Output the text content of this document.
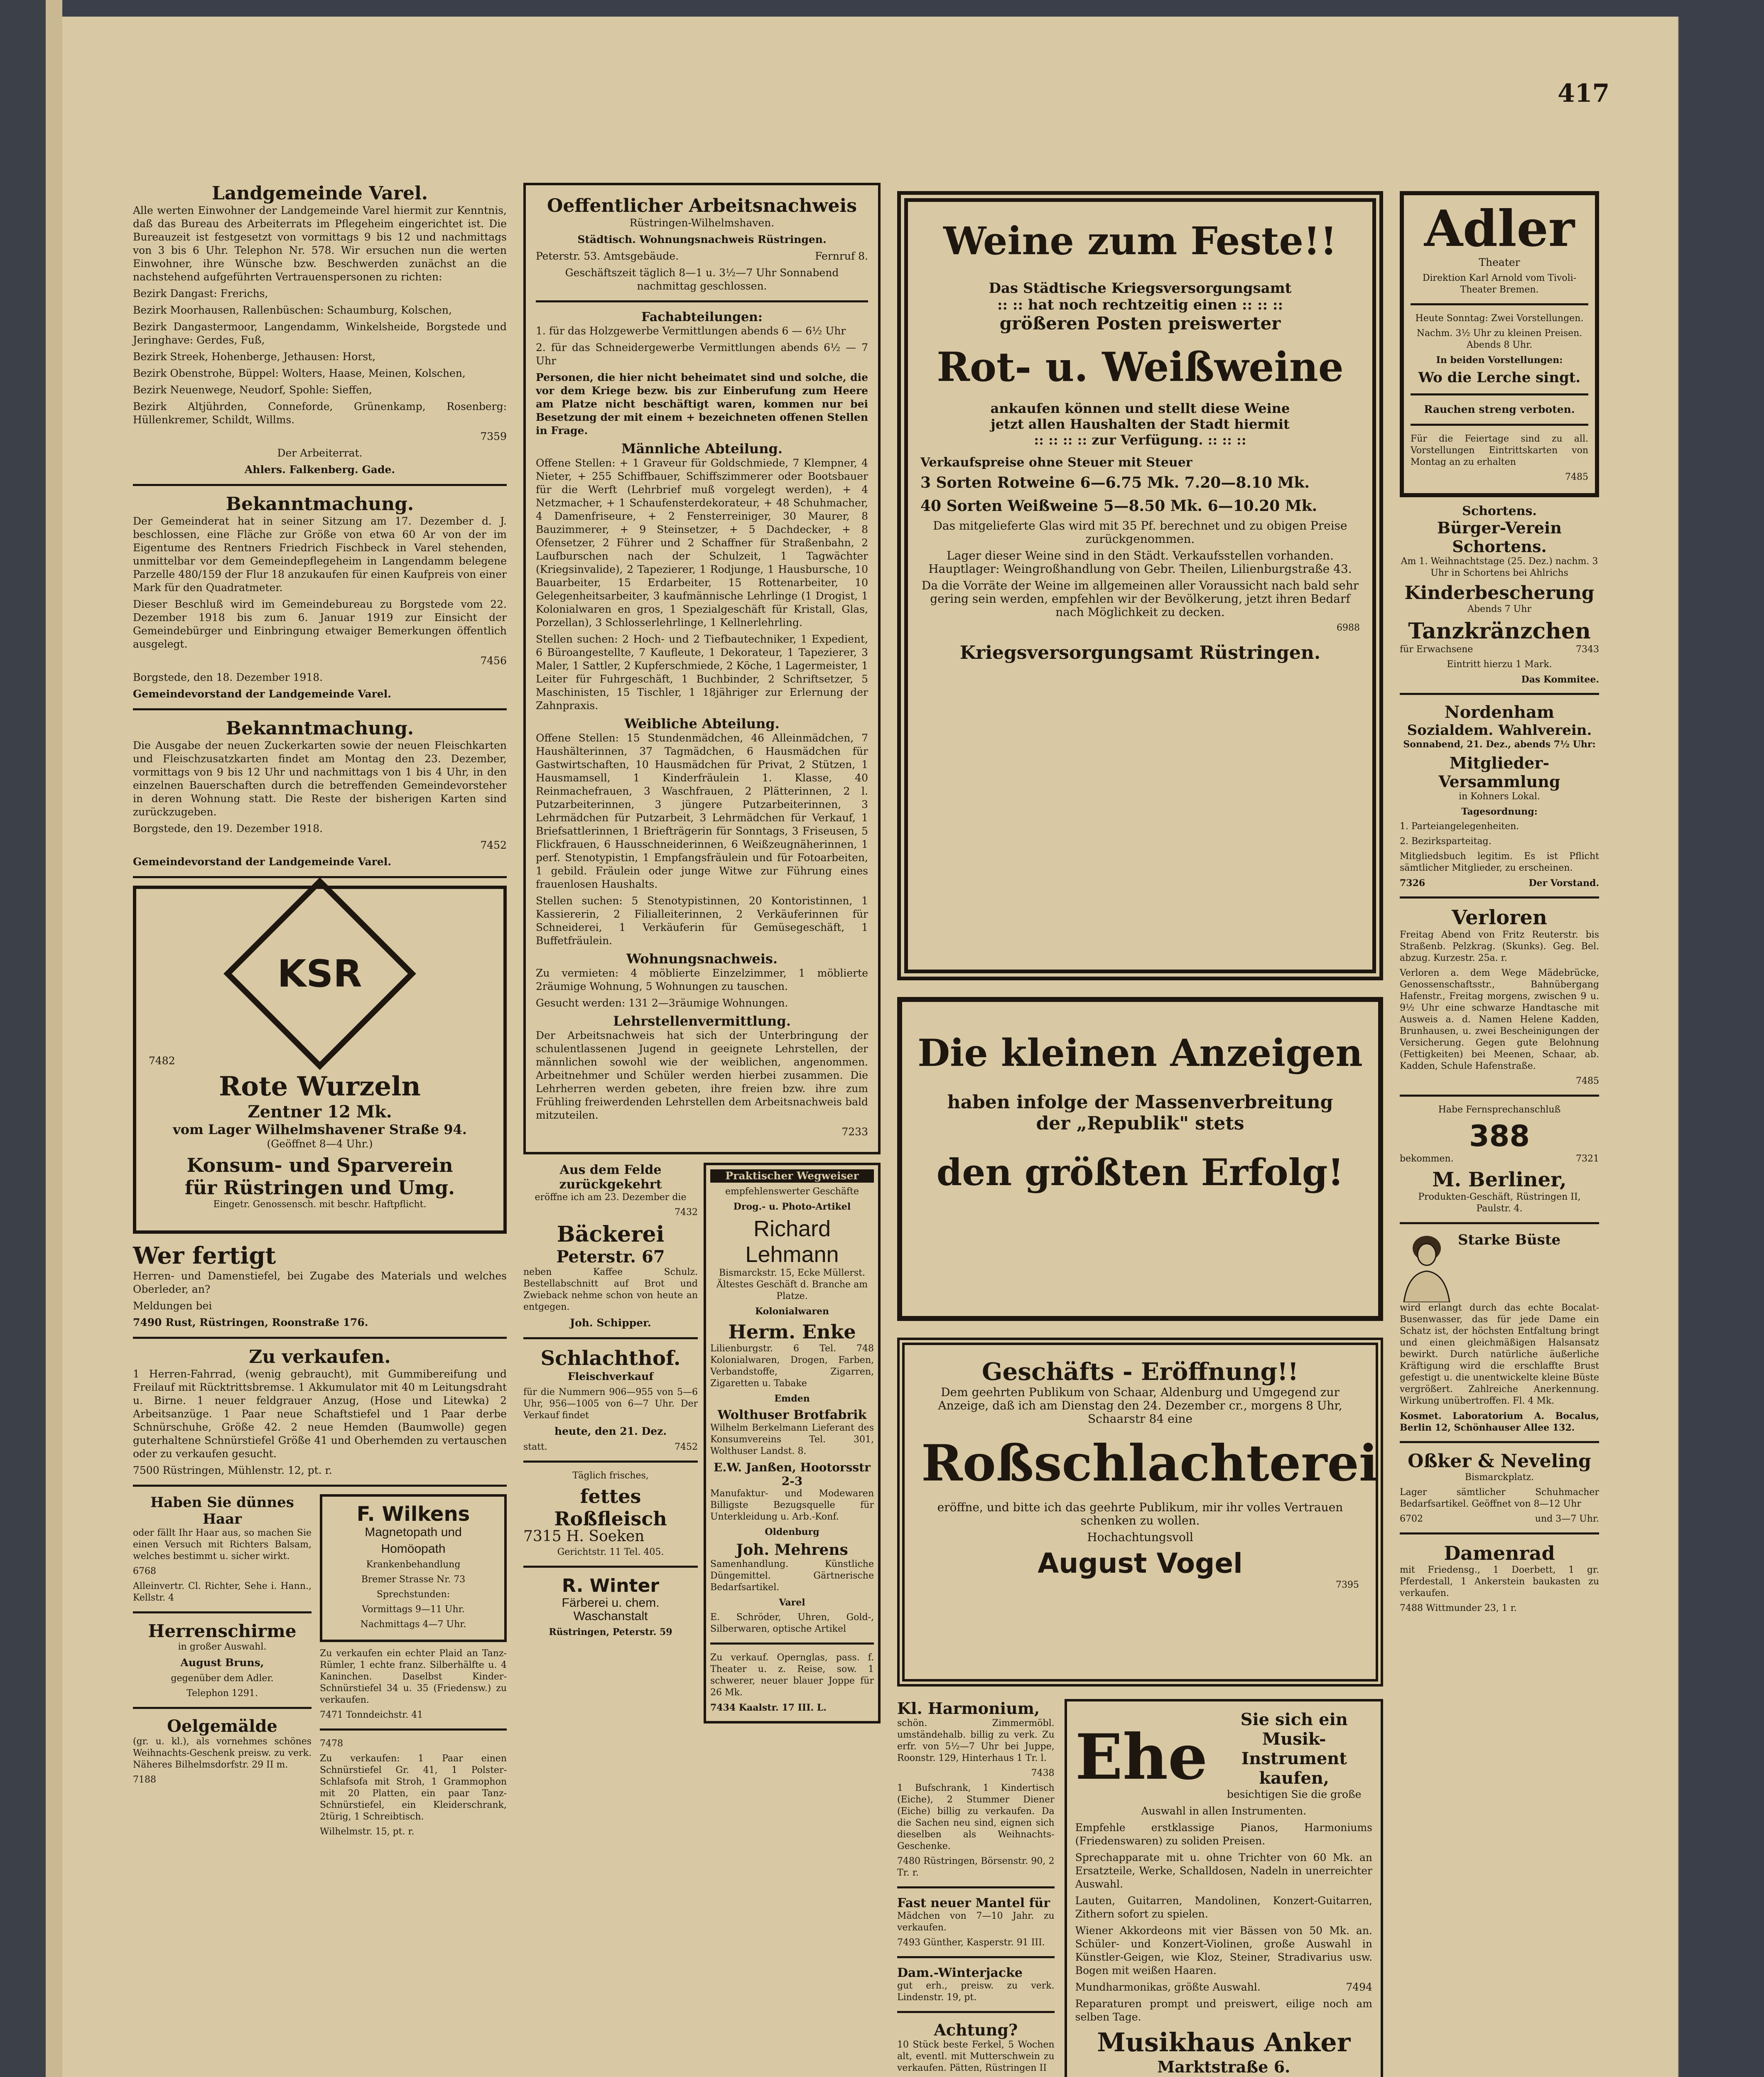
417
Landgemeinde Varel.

Alle werten Einwohner der Landgemeinde Varel hiermit zur Kenntnis, daß das Bureau des Arbeiterrats im Pflegeheim eingerichtet ist. Die Bureauzeit ist festgesetzt von vormittags 9 bis 12 und nachmittags von 3 bis 6 Uhr. Telephon Nr. 578. Wir ersuchen nun die werten Einwohner, ihre Wünsche bzw. Beschwerden zunächst an die nachstehend aufgeführten Vertrauenspersonen zu richten:

Bezirk Dangast: Frerichs,

Bezirk Moorhausen, Rallenbüschen: Schaumburg, Kolschen,

Bezirk Dangastermoor, Langendamm, Winkelsheide, Borgstede und Jeringhave: Gerdes, Fuß,

Bezirk Streek, Hohenberge, Jethausen: Horst,

Bezirk Obenstrohe, Büppel: Wolters, Haase, Meinen, Kolschen,

Bezirk Neuenwege, Neudorf, Spohle: Sieffen,

Bezirk Altjührden, Conneforde, Grünenkamp, Rosenberg: Hüllenkremer, Schildt, Willms.

7359
Der Arbeiterrat.
Ahlers. Falkenberg. Gade.
Bekanntmachung.

Der Gemeinderat hat in seiner Sitzung am 17. Dezember d. J. beschlossen, eine Fläche zur Größe von etwa 60 Ar von der im Eigentume des Rentners Friedrich Fischbeck in Varel stehenden, unmittelbar vor dem Gemeindepflegeheim in Langendamm belegene Parzelle 480/159 der Flur 18 anzukaufen für einen Kaufpreis von einer Mark für den Quadratmeter.

Dieser Beschluß wird im Gemeindebureau zu Borgstede vom 22. Dezember 1918 bis zum 6. Januar 1919 zur Einsicht der Gemeindebürger und Einbringung etwaiger Bemerkungen öffentlich ausgelegt.

7456
Borgstede, den 18. Dezember 1918.
Gemeindevorstand der Landgemeinde Varel.
Bekanntmachung.

Die Ausgabe der neuen Zuckerkarten sowie der neuen Fleischkarten und Fleischzusatzkarten findet am Montag den 23. Dezember, vormittags von 9 bis 12 Uhr und nachmittags von 1 bis 4 Uhr, in den einzelnen Bauerschaften durch die betreffenden Gemeindevorsteher in deren Wohnung statt. Die Reste der bisherigen Karten sind zurückzugeben.

Borgstede, den 19. Dezember 1918.
7452
Gemeindevorstand der Landgemeinde Varel.
KSR
7482
Rote Wurzeln
Zentner 12 Mk.
vom Lager Wilhelmshavener Straße 94.
(Geöffnet 8—4 Uhr.)
Konsum- und Sparverein
für Rüstringen und Umg.
Eingetr. Genossensch. mit beschr. Haftpflicht.
Wer fertigt

Herren- und Damenstiefel, bei Zugabe des Materials und welches Oberleder, an?

Meldungen bei
7490 Rust, Rüstringen, Roonstraße 176.
Zu verkaufen.

1 Herren-Fahrrad, (wenig gebraucht), mit Gummibereifung und Freilauf mit Rücktrittsbremse. 1 Akkumulator mit 40 m Leitungsdraht u. Birne. 1 neuer feldgrauer Anzug, (Hose und Litewka) 2 Arbeitsanzüge. 1 Paar neue Schaftstiefel und 1 Paar derbe Schnürschuhe, Größe 42. 2 neue Hemden (Baumwolle) gegen guterhaltene Schnürstiefel Größe 41 und Oberhemden zu vertauschen oder zu verkaufen gesucht.

7500 Rüstringen, Mühlenstr. 12, pt. r.
Haben Sie dünnes Haar

oder fällt Ihr Haar aus, so machen Sie einen Versuch mit Richters Balsam, welches bestimmt u. sicher wirkt.

6768
Alleinvertr. Cl. Richter, Sehe i. Hann., Kellstr. 4
Herrenschirme
in großer Auswahl.
August Bruns,
gegenüber dem Adler.
Telephon 1291.
Oelgemälde

(gr. u. kl.), als vornehmes schönes Weihnachts-Geschenk preisw. zu verk. Näheres Bilhelmsdorfstr. 29 II m.

7188
F. Wilkens
Magnetopath und
Homöopath
Krankenbehandlung
Bremer Strasse Nr. 73
Sprechstunden:
Vormittags 9—11 Uhr.
Nachmittags 4—7 Uhr.

Zu verkaufen ein echter Plaid an Tanz-Rümler, 1 echte franz. Silberhälfte u. 4 Kaninchen. Daselbst Kinder-Schnürstiefel 34 u. 35 (Friedensw.) zu verkaufen.

7471 Tonndeichstr. 41
7478

Zu verkaufen: 1 Paar einen Schnürstiefel Gr. 41, 1 Polster-Schlafsofa mit Stroh, 1 Grammophon mit 20 Platten, ein paar Tanz-Schnürstiefel, ein Kleiderschrank, 2türig, 1 Schreibtisch.

Wilhelmstr. 15, pt. r.
Oeffentlicher Arbeitsnachweis
Rüstringen-Wilhelmshaven.
Städtisch. Wohnungsnachweis Rüstringen.
Peterstr. 53. Amtsgebäude.	Fernruf 8.
Geschäftszeit täglich 8—1 u. 3½—7 Uhr Sonnabend nachmittag geschlossen.
Fachabteilungen:
1. für das Holzgewerbe Vermittlungen abends 6 — 6½ Uhr
2. für das Schneidergewerbe Vermittlungen abends 6½ — 7 Uhr

Personen, die hier nicht beheimatet sind und solche, die vor dem Kriege bezw. bis zur Einberufung zum Heere am Platze nicht beschäftigt waren, kommen nur bei Besetzung der mit einem + bezeichneten offenen Stellen in Frage.

Männliche Abteilung.

Offene Stellen: + 1 Graveur für Goldschmiede, 7 Klempner, 4 Nieter, + 255 Schiffbauer, Schiffszimmerer oder Bootsbauer für die Werft (Lehrbrief muß vorgelegt werden), + 4 Netzmacher, + 1 Schaufensterdekorateur, + 48 Schuhmacher, 4 Damenfriseure, + 2 Fensterreiniger, 30 Maurer, 8 Bauzimmerer, + 9 Steinsetzer, + 5 Dachdecker, + 8 Ofensetzer, 2 Führer und 2 Schaffner für Straßenbahn, 2 Laufburschen nach der Schulzeit, 1 Tagwächter (Kriegsinvalide), 2 Tapezierer, 1 Rodjunge, 1 Hausbursche, 10 Bauarbeiter, 15 Erdarbeiter, 15 Rottenarbeiter, 10 Gelegenheitsarbeiter, 3 kaufmännische Lehrlinge (1 Drogist, 1 Kolonialwaren en gros, 1 Spezialgeschäft für Kristall, Glas, Porzellan), 3 Schlosserlehrlinge, 1 Kellnerlehrling.

Stellen suchen: 2 Hoch- und 2 Tiefbautechniker, 1 Expedient, 6 Büroangestellte, 7 Kaufleute, 1 Dekorateur, 1 Tapezierer, 3 Maler, 1 Sattler, 2 Kupferschmiede, 2 Köche, 1 Lagermeister, 1 Leiter für Fuhrgeschäft, 1 Buchbinder, 2 Schriftsetzer, 5 Maschinisten, 15 Tischler, 1 18jähriger zur Erlernung der Zahnpraxis.

Weibliche Abteilung.

Offene Stellen: 15 Stundenmädchen, 46 Alleinmädchen, 7 Haushälterinnen, 37 Tagmädchen, 6 Hausmädchen für Gastwirtschaften, 10 Hausmädchen für Privat, 2 Stützen, 1 Hausmamsell, 1 Kinderfräulein 1. Klasse, 40 Reinmachefrauen, 3 Waschfrauen, 2 Plätterinnen, 2 l. Putzarbeiterinnen, 3 jüngere Putzarbeiterinnen, 3 Lehrmädchen für Putzarbeit, 3 Lehrmädchen für Verkauf, 1 Briefsattlerinnen, 1 Briefträgerin für Sonntags, 3 Friseusen, 5 Flickfrauen, 6 Hausschneiderinnen, 6 Weißzeugnäherinnen, 1 perf. Stenotypistin, 1 Empfangsfräulein und für Fotoarbeiten, 1 gebild. Fräulein oder junge Witwe zur Führung eines frauenlosen Haushalts.

Stellen suchen: 5 Stenotypistinnen, 20 Kontoristinnen, 1 Kassiererin, 2 Filialleiterinnen, 2 Verkäuferinnen für Schneiderei, 1 Verkäuferin für Gemüsegeschäft, 1 Buffetfräulein.

Wohnungsnachweis.

Zu vermieten: 4 möblierte Einzelzimmer, 1 möblierte 2räumige Wohnung, 5 Wohnungen zu tauschen.

Gesucht werden: 131 2—3räumige Wohnungen.

Lehrstellenvermittlung.

Der Arbeitsnachweis hat sich der Unterbringung der schulentlassenen Jugend in geeignete Lehrstellen, der männlichen sowohl wie der weiblichen, angenommen. Arbeitnehmer und Schüler werden hierbei zusammen. Die Lehrherren werden gebeten, ihre freien bzw. ihre zum Frühling freiwerdenden Lehrstellen dem Arbeitsnachweis bald mitzuteilen.

7233
Aus dem Felde zurückgekehrt
eröffne ich am 23. Dezember die
7432
Bäckerei
Peterstr. 67

neben Kaffee Schulz. Bestellabschnitt auf Brot und Zwieback nehme schon von heute an entgegen.

Joh. Schipper.
Schlachthof.
Fleischverkauf

für die Nummern 906—955 von 5—6 Uhr, 956—1005 von 6—7 Uhr. Der Verkauf findet

heute, den 21. Dez.
statt.	7452
Täglich frisches,
fettes Roßfleisch
7315 H. Soeken
Gerichtstr. 11 Tel. 405.
R. Winter
Färberei u. chem. Waschanstalt
Rüstringen, Peterstr. 59
Praktischer Wegweiser
empfehlenswerter Geschäfte
Drog.- u. Photo-Artikel
Richard Lehmann
Bismarckstr. 15, Ecke Müllerst. Ältestes Geschäft d. Branche am Platze.
Kolonialwaren
Herm. Enke
Lilienburgstr. 6 Tel. 748 Kolonialwaren, Drogen, Farben, Verbandstoffe, Zigarren, Zigaretten u. Tabake
Emden
Wolthuser Brotfabrik
Wilhelm Berkelmann Lieferant des Konsumvereins Tel. 301, Wolthuser Landst. 8.
E.W. Janßen, Hootorsstr 2-3
Manufaktur- und Modewaren Billigste Bezugsquelle für Unterkleidung u. Arb.-Konf.
Oldenburg
Joh. Mehrens
Samenhandlung. Künstliche Düngemittel. Gärtnerische Bedarfsartikel.
Varel
E. Schröder, Uhren, Gold-, Silberwaren, optische Artikel

Zu verkauf. Opernglas, pass. f. Theater u. z. Reise, sow. 1 schwerer, neuer blauer Joppe für 26 Mk.

7434 Kaalstr. 17 III. L.
Weine zum Feste!!
Das Städtische Kriegsversorgungsamt
:: :: hat noch rechtzeitig einen :: :: ::
größeren Posten preiswerter
Rot- u. Weißweine
ankaufen können und stellt diese Weine
jetzt allen Haushalten der Stadt hiermit
:: :: :: :: zur Verfügung. :: :: ::
Verkaufspreise ohne Steuer mit Steuer
3 Sorten Rotweine 6—6.75 Mk. 7.20—8.10 Mk.
40 Sorten Weißweine 5—8.50 Mk. 6—10.20 Mk.

Das mitgelieferte Glas wird mit 35 Pf. berechnet und zu obigen Preise zurückgenommen.

Lager dieser Weine sind in den Städt. Verkaufsstellen vorhanden. Hauptlager: Weingroßhandlung von Gebr. Theilen, Lilienburgstraße 43.

Da die Vorräte der Weine im allgemeinen aller Voraussicht nach bald sehr gering sein werden, empfehlen wir der Bevölkerung, jetzt ihren Bedarf nach Möglichkeit zu decken.

6988
Kriegsversorgungsamt Rüstringen.
Die kleinen Anzeigen
haben infolge der Massenverbreitung
der „Republik" stets
den größten Erfolg!
Geschäfts - Eröffnung!!

Dem geehrten Publikum von Schaar, Aldenburg und Umgegend zur Anzeige, daß ich am Dienstag den 24. Dezember cr., morgens 8 Uhr, Schaarstr 84 eine

Roßschlachterei

eröffne, und bitte ich das geehrte Publikum, mir ihr volles Vertrauen schenken zu wollen.

Hochachtungsvoll
August Vogel
7395
Kl. Harmonium,

schön. Zimmermöbl. umständehalb. billig zu verk. Zu erfr. von 5½—7 Uhr bei Juppe, Roonstr. 129, Hinterhaus 1 Tr. l.

7438

1 Bufschrank, 1 Kindertisch (Eiche), 2 Stummer Diener (Eiche) billig zu verkaufen. Da die Sachen neu sind, eignen sich dieselben als Weihnachts-Geschenke.

7480 Rüstringen, Börsenstr. 90, 2 Tr. r.
Fast neuer Mantel für

Mädchen von 7—10 Jahr. zu verkaufen.

7493 Günther, Kasperstr. 91 III.
Dam.-Winterjacke

gut erh., preisw. zu verk. Lindenstr. 19, pt.

Achtung?

10 Stück beste Ferkel, 5 Wochen alt, eventl. mit Mutterschwein zu verkaufen. Pätten, Rüstringen II

Ehe
Sie sich ein Musik-Instrument kaufen,
besichtigen Sie die große
Auswahl in allen Instrumenten.

Empfehle erstklassige Pianos, Harmoniums (Friedenswaren) zu soliden Preisen.

Sprechapparate mit u. ohne Trichter von 60 Mk. an Ersatzteile, Werke, Schalldosen, Nadeln in unerreichter Auswahl.

Lauten, Guitarren, Mandolinen, Konzert-Guitarren, Zithern sofort zu spielen.

Wiener Akkordeons mit vier Bässen von 50 Mk. an. Schüler- und Konzert-Violinen, große Auswahl in Künstler-Geigen, wie Kloz, Steiner, Stradivarius usw. Bogen mit weißen Haaren.

Mundharmonikas, größte Auswahl.	7494

Reparaturen prompt und preiswert, eilige noch am selben Tage.

Musikhaus Anker
Marktstraße 6.
Adler
Theater

Direktion Karl Arnold vom Tivoli-Theater Bremen.

Heute Sonntag: Zwei Vorstellungen.

Nachm. 3½ Uhr zu kleinen Preisen. Abends 8 Uhr.

In beiden Vorstellungen:
Wo die Lerche singt.
Rauchen streng verboten.

Für die Feiertage sind zu all. Vorstellungen Eintrittskarten von Montag an zu erhalten

7485
Schortens.
Bürger-Verein Schortens.

Am 1. Weihnachtstage (25. Dez.) nachm. 3 Uhr in Schortens bei Ahlrichs

Kinderbescherung
Abends 7 Uhr
Tanzkränzchen
für Erwachsene	7343
Eintritt hierzu 1 Mark.
Das Kommitee.
Nordenham
Sozialdem. Wahlverein.
Sonnabend, 21. Dez., abends 7½ Uhr:
Mitglieder-Versammlung
in Kohners Lokal.
Tagesordnung:
1. Parteiangelegenheiten.
2. Bezirksparteitag.

Mitgliedsbuch legitim. Es ist Pflicht sämtlicher Mitglieder, zu erscheinen.

7326	Der Vorstand.
Verloren

Freitag Abend von Fritz Reuterstr. bis Straßenb. Pelzkrag. (Skunks). Geg. Bel. abzug. Kurzestr. 25a. r.

Verloren a. dem Wege Mädebrücke, Genossenschaftsstr., Bahnübergang Hafenstr., Freitag morgens, zwischen 9 u. 9½ Uhr eine schwarze Handtasche mit Ausweis a. d. Namen Helene Kadden, Brunhausen, u. zwei Bescheinigungen der Versicherung. Gegen gute Belohnung (Fettigkeiten) bei Meenen, Schaar, ab. Kadden, Schule Hafenstraße.

7485
Habe Fernsprechanschluß
388
bekommen.	7321
M. Berliner,

Produkten-Geschäft, Rüstringen II, Paulstr. 4.

Starke Büste

wird erlangt durch das echte Bocalat-Busenwasser, das für jede Dame ein Schatz ist, der höchsten Entfaltung bringt und einen gleichmäßigen Halsansatz bewirkt. Durch natürliche äußerliche Kräftigung wird die erschlaffte Brust gefestigt u. die unentwickelte kleine Büste vergrößert. Zahlreiche Anerkennung. Wirkung unübertroffen. Fl. 4 Mk.

Kosmet. Laboratorium A. Bocalus, Berlin 12, Schönhauser Allee 132.
Oßker & Neveling
Bismarckplatz.

Lager sämtlicher Schuhmacher Bedarfsartikel. Geöffnet von 8—12 Uhr

6702	und 3—7 Uhr.
Damenrad

mit Friedensg., 1 Doerbett, 1 gr. Pferdestall, 1 Ankerstein baukasten zu verkaufen.

7488 Wittmunder 23, 1 r.
